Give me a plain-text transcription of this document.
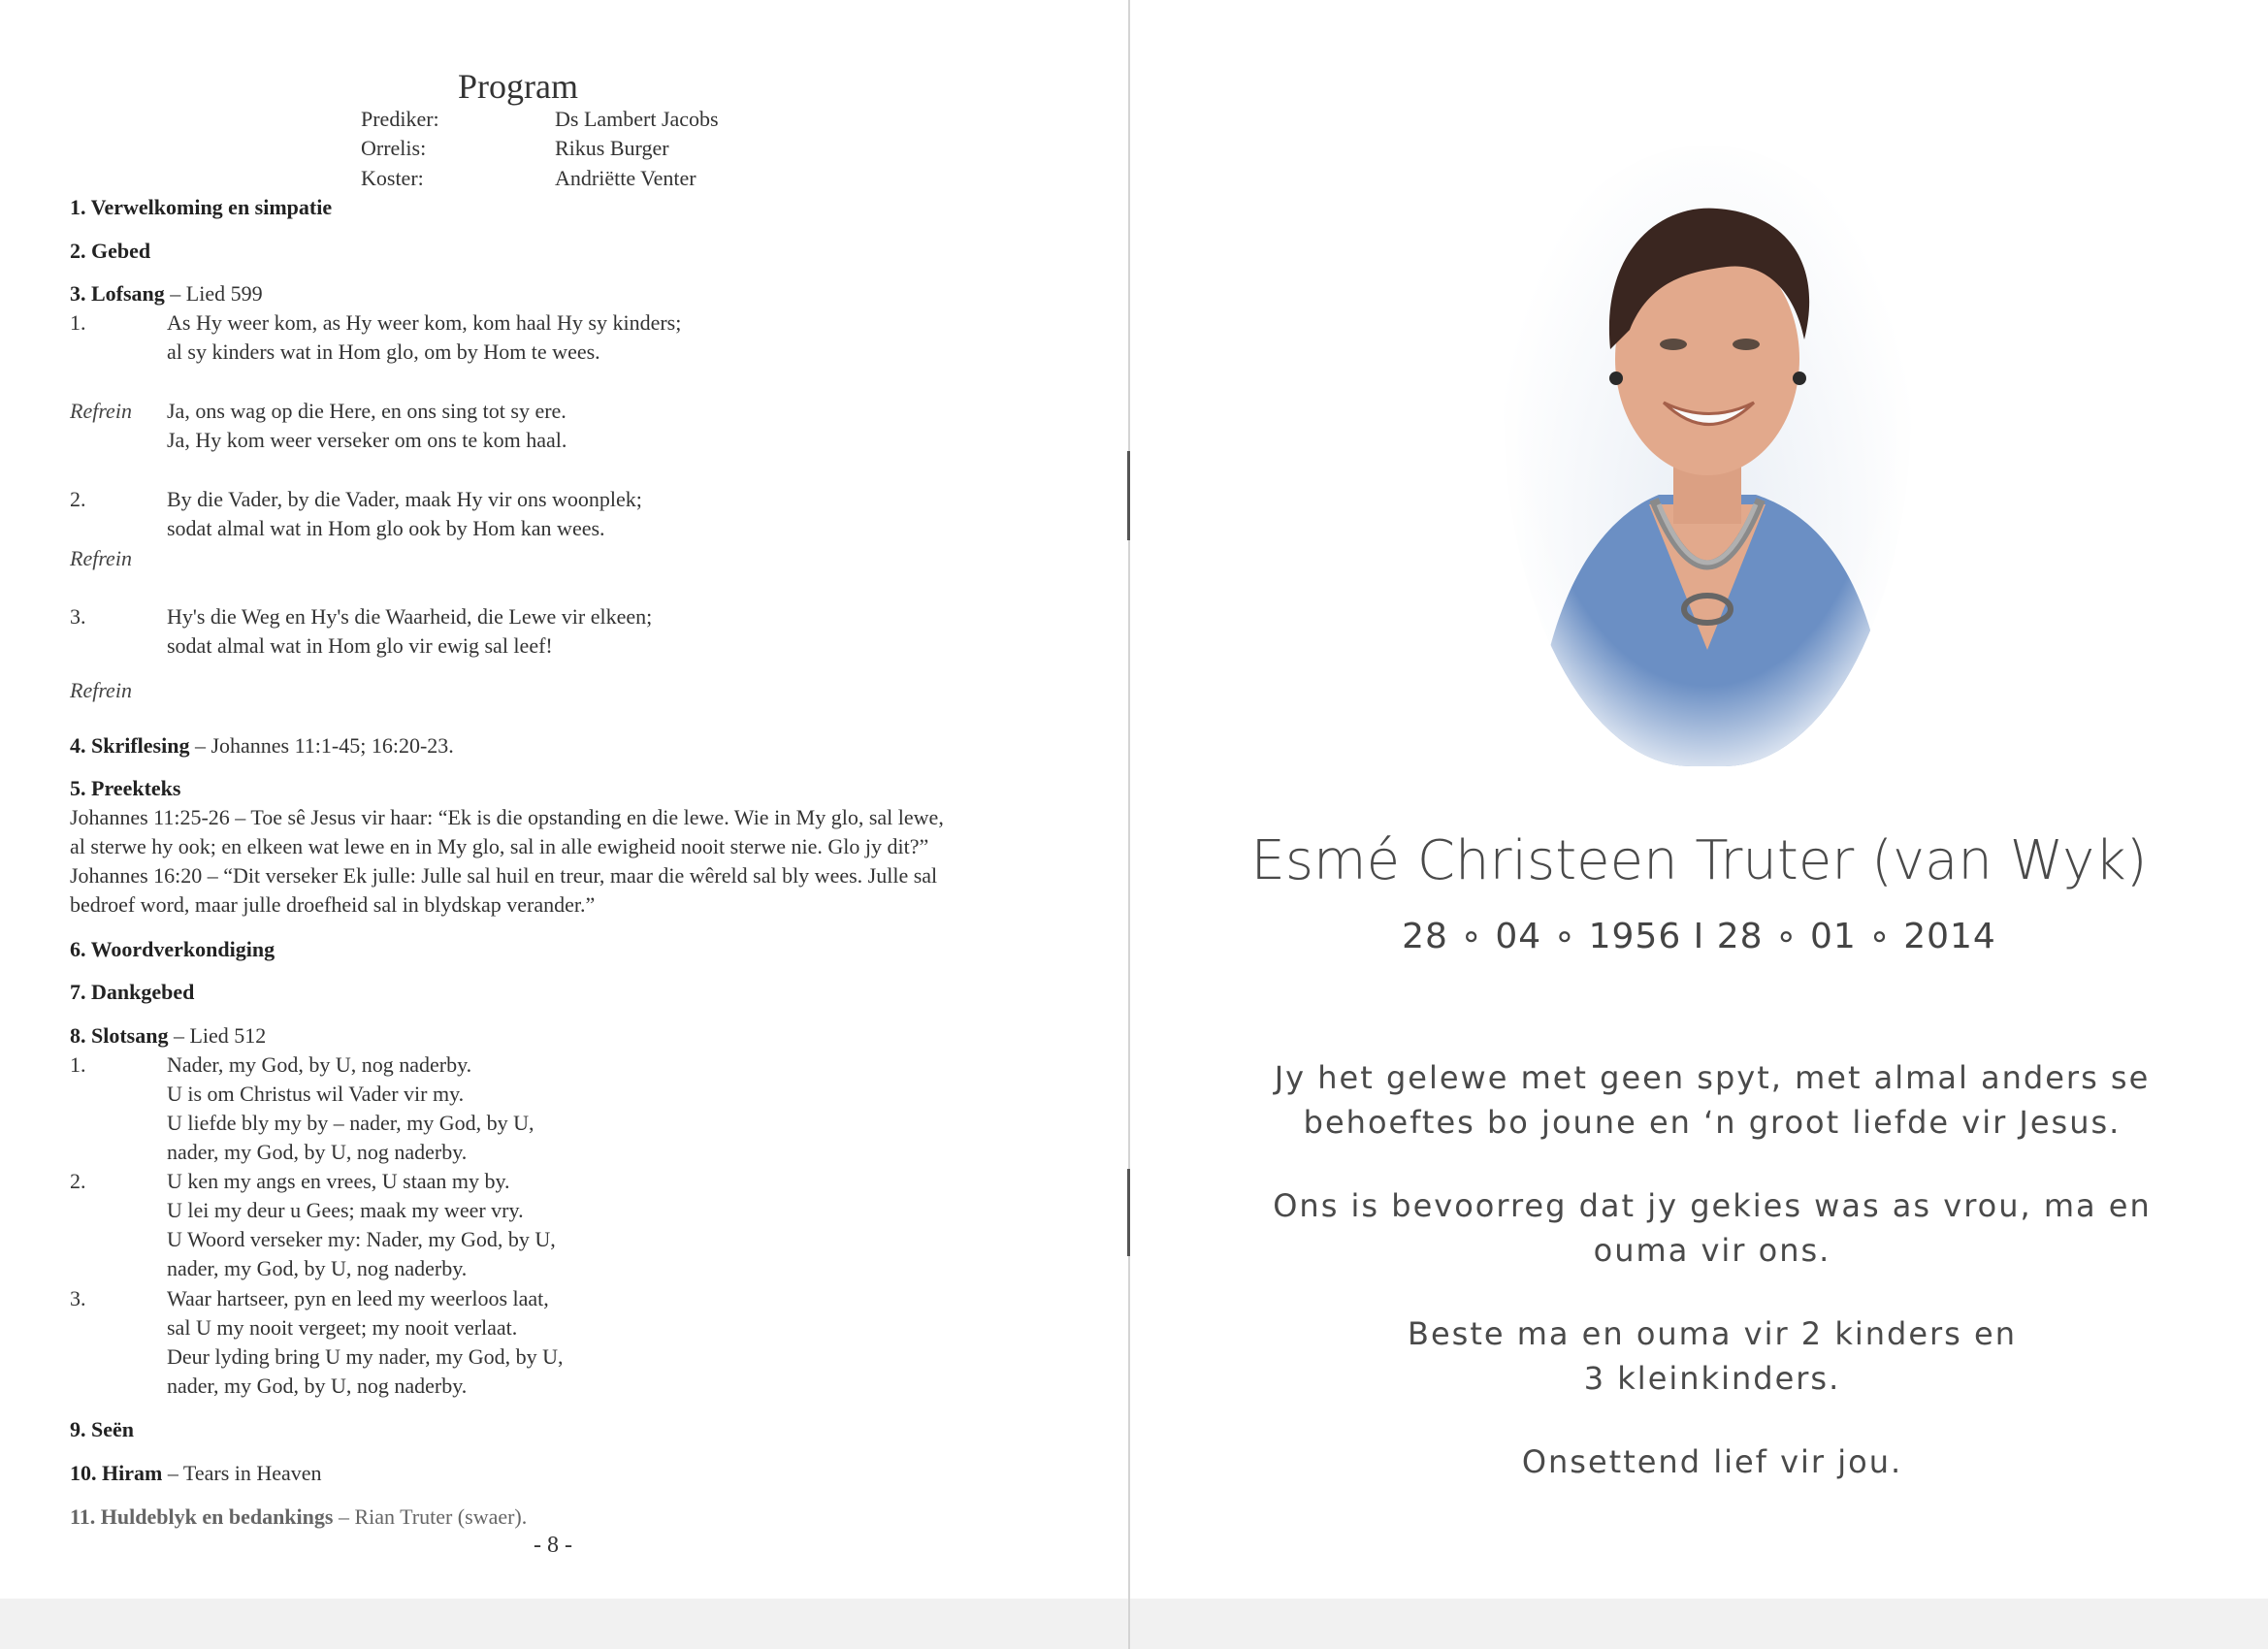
Program
Prediker:	Ds Lambert Jacobs
Orrelis:	Rikus Burger
Koster:	Andriëtte Venter
1. Verwelkoming en simpatie
2. Gebed
3. Lofsang – Lied 599
1.	As Hy weer kom, as Hy weer kom, kom haal Hy sy kinders;
al sy kinders wat in Hom glo, om by Hom te wees.
Refrein Ja, ons wag op die Here, en ons sing tot sy ere.
Ja, Hy kom weer verseker om ons te kom haal.
2.	By die Vader, by die Vader, maak Hy vir ons woonplek;
sodat almal wat in Hom glo ook by Hom kan wees.
Refrein
3.	Hy's die Weg en Hy's die Waarheid, die Lewe vir elkeen;
sodat almal wat in Hom glo vir ewig sal leef!
Refrein
4. Skriflesing – Johannes 11:1-45; 16:20-23.
5. Preekteks
Johannes 11:25-26 – Toe sê Jesus vir haar: “Ek is die opstanding en die lewe. Wie in My glo, sal lewe,
al sterwe hy ook; en elkeen wat lewe en in My glo, sal in alle ewigheid nooit sterwe nie. Glo jy dit?”
Johannes 16:20 – “Dit verseker Ek julle: Julle sal huil en treur, maar die wêreld sal bly wees. Julle sal
bedroef word, maar julle droefheid sal in blydskap verander.”
6. Woordverkondiging
7. Dankgebed
8. Slotsang – Lied 512
1.	Nader, my God, by U, nog naderby.
U is om Christus wil Vader vir my.
U liefde bly my by – nader, my God, by U,
nader, my God, by U, nog naderby.
2.	U ken my angs en vrees, U staan my by.
U lei my deur u Gees; maak my weer vry.
U Woord verseker my: Nader, my God, by U,
nader, my God, by U, nog naderby.
3.	Waar hartseer, pyn en leed my weerloos laat,
sal U my nooit vergeet; my nooit verlaat.
Deur lyding bring U my nader, my God, by U,
nader, my God, by U, nog naderby.
9. Seën
10. Hiram – Tears in Heaven
11. Huldeblyk en bedankings – Rian Truter (swaer).
- 8 -
Esmé Christeen Truter (van Wyk)
28 ∘ 04 ∘ 1956 I 28 ∘ 01 ∘ 2014
Jy het gelewe met geen spyt, met almal anders se
behoeftes bo joune en ‘n groot liefde vir Jesus.
Ons is bevoorreg dat jy gekies was as vrou, ma en
ouma vir ons.
Beste ma en ouma vir 2 kinders en
3 kleinkinders.
Onsettend lief vir jou.
